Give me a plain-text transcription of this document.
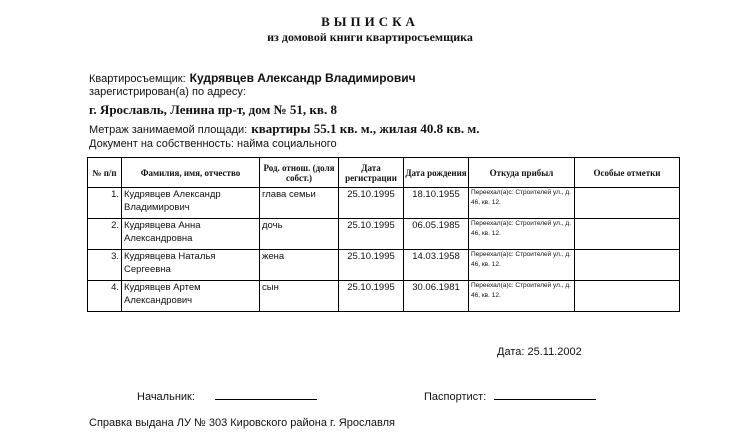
ВЫПИСКА
из домовой книги квартиросъемщика
Квартиросъемщик: Кудрявцев Александр Владимирович
зарегистрирован(а) по адресу:
г. Ярославль, Ленина пр-т, дом № 51, кв. 8
Метраж занимаемой площади: квартиры 55.1 кв. м., жилая 40.8 кв. м.
Документ на собственность: найма социального
№ п/п	Фамилия, имя, отчество	Род. отнош. (доля собст.)	Дата регистрации	Дата рождения	Откуда прибыл	Особые отметки
1.	Кудрявцев Александр Владимирович	глава семьи	25.10.1995	18.10.1955	Переехал(а)с: Строителей ул., д. 46, кв. 12.	
2.	Кудрявцева Анна Александровна	дочь	25.10.1995	06.05.1985	Переехал(а)с: Строителей ул., д. 46, кв. 12.	
3.	Кудрявцева Наталья Сергеевна	жена	25.10.1995	14.03.1958	Переехал(а)с: Строителей ул., д. 46, кв. 12.	
4.	Кудрявцев Артем Александрович	сын	25.10.1995	30.06.1981	Переехал(а)с: Строителей ул., д. 46, кв. 12.	
Дата: 25.11.2002
Начальник:	Паспортист:
Справка выдана ЛУ № 303 Кировского района г. Ярославля
